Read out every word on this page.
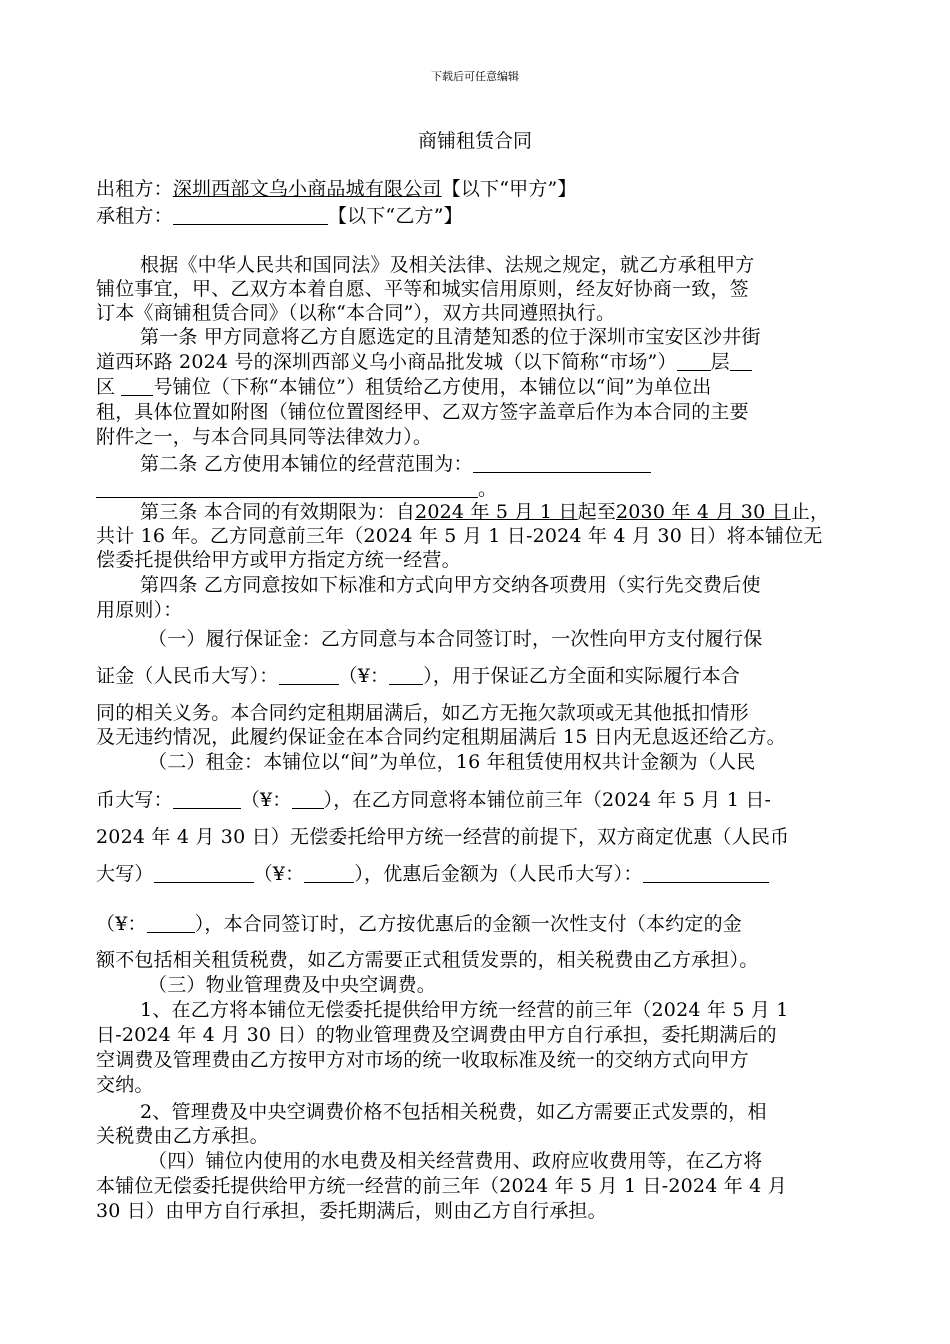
下载后可任意编辑
商铺租赁合同
出租方：深圳西部文乌小商品城有限公司【以下“甲方”】
承租方：	【以下“乙方”】
根据《中华人民共和国同法》及相关法律、法规之规定，就乙方承租甲方
铺位事宜，甲、乙双方本着自愿、平等和城实信用原则，经友好协商一致，签
订本《商铺租赁合同》（以称“本合同”），双方共同遵照执行。
第一条 甲方同意将乙方自愿选定的且清楚知悉的位于深圳市宝安区沙井街
道西环路 2024 号的深圳西部义乌小商品批发城（以下简称“市场”） 层
区 号铺位（下称“本铺位”）租赁给乙方使用，本铺位以“间”为单位出
租，具体位置如附图（铺位位置图经甲、乙双方签字盖章后作为本合同的主要
附件之一，与本合同具同等法律效力）。
第二条 乙方使用本铺位的经营范围为：
。
第三条 本合同的有效期限为：自2024 年 5 月 1 日起至2030 年 4 月 30 日止，
共计 16 年。乙方同意前三年（2024 年 5 月 1 日-2024 年 4 月 30 日）将本铺位无
偿委托提供给甲方或甲方指定方统一经营。
第四条 乙方同意按如下标准和方式向甲方交纳各项费用（实行先交费后使
用原则）：
（一）履行保证金：乙方同意与本合同签订时，一次性向甲方支付履行保
证金（人民币大写）：	（¥： ），用于保证乙方全面和实际履行本合
同的相关义务。本合同约定租期届满后，如乙方无拖欠款项或无其他抵扣情形
及无违约情况，此履约保证金在本合同约定租期届满后 15 日内无息返还给乙方。
（二）租金：本铺位以“间”为单位，16 年租赁使用权共计金额为（人民
币大写：	（¥： ），在乙方同意将本铺位前三年（2024 年 5 月 1 日-
2024 年 4 月 30 日）无偿委托给甲方统一经营的前提下，双方商定优惠（人民币
大写）	（¥：	），优惠后金额为（人民币大写）：
（¥：	），本合同签订时，乙方按优惠后的金额一次性支付（本约定的金
额不包括相关租赁税费，如乙方需要正式租赁发票的，相关税费由乙方承担）。
（三）物业管理费及中央空调费。
1、在乙方将本铺位无偿委托提供给甲方统一经营的前三年（2024 年 5 月 1
日-2024 年 4 月 30 日）的物业管理费及空调费由甲方自行承担，委托期满后的
空调费及管理费由乙方按甲方对市场的统一收取标准及统一的交纳方式向甲方
交纳。
2、管理费及中央空调费价格不包括相关税费，如乙方需要正式发票的，相
关税费由乙方承担。
（四）铺位内使用的水电费及相关经营费用、政府应收费用等，在乙方将
本铺位无偿委托提供给甲方统一经营的前三年（2024 年 5 月 1 日-2024 年 4 月
30 日）由甲方自行承担，委托期满后，则由乙方自行承担。
